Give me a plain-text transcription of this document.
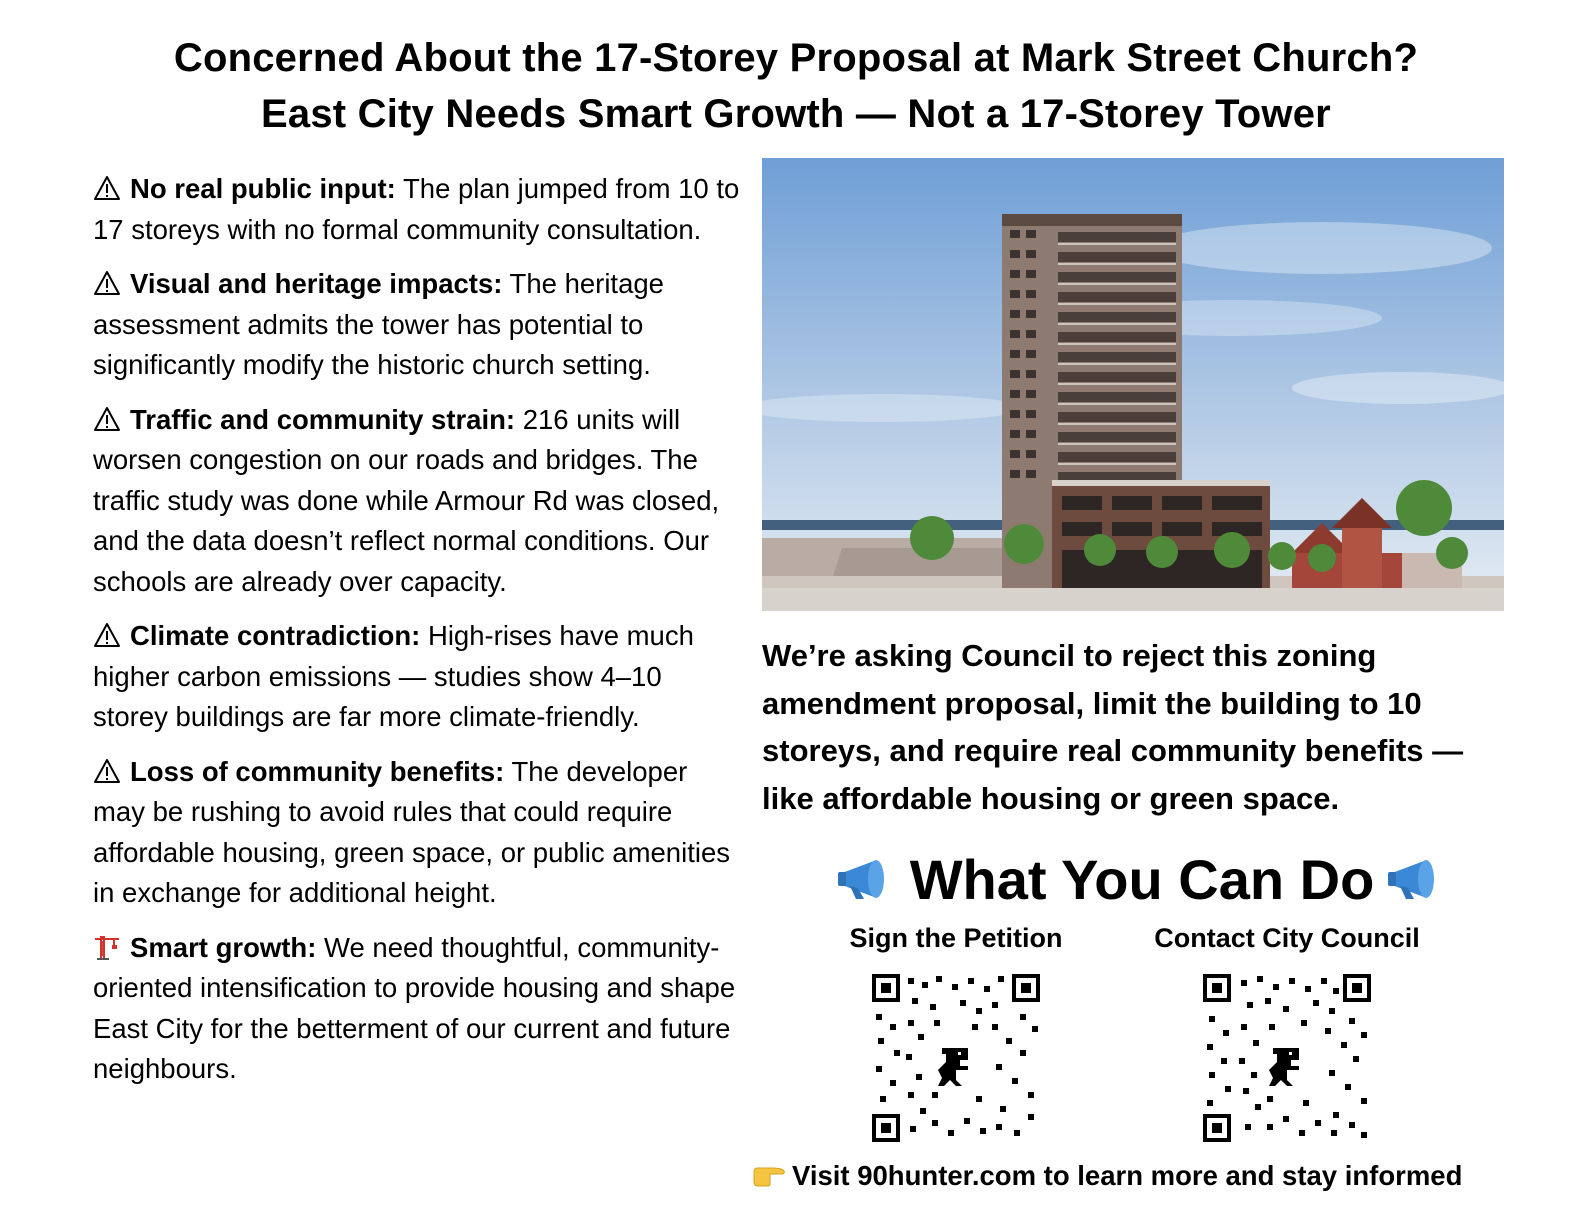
Concerned About the 17-Storey Proposal at Mark Street Church?
East City Needs Smart Growth — Not a 17-Storey Tower

No real public input: The plan jumped from 10 to 17 storeys with no formal community consultation.

Visual and heritage impacts: The heritage assessment admits the tower has potential to significantly modify the historic church setting.

Traffic and community strain: 216 units will worsen congestion on our roads and bridges. The traffic study was done while Armour Rd was closed, and the data doesn’t reflect normal conditions. Our schools are already over capacity.

Climate contradiction: High-rises have much higher carbon emissions — studies show 4–10 storey buildings are far more climate-friendly.

Loss of community benefits: The developer may be rushing to avoid rules that could require affordable housing, green space, or public amenities in exchange for additional height.

Smart growth: We need thoughtful, community-oriented intensification to provide housing and shape East City for the betterment of our current and future neighbours.

We’re asking Council to reject this zoning amendment proposal, limit the building to 10 storeys, and require real community benefits — like affordable housing or green space.
What You Can Do
Sign the Petition	Contact City Council
Visit 90hunter.com to learn more and stay informed
